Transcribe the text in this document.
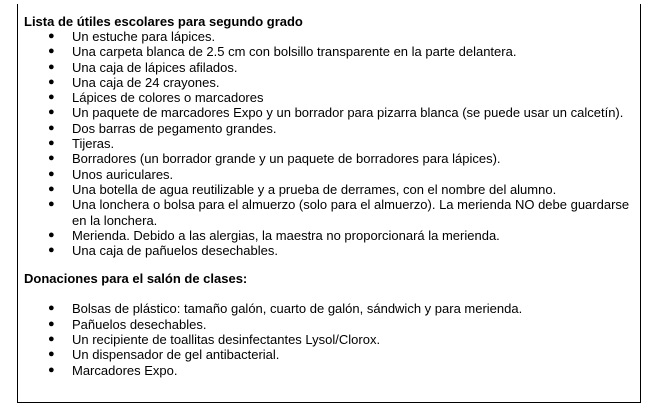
Lista de útiles escolares para segundo grado

● Un estuche para lápices.
● Una carpeta blanca de 2.5 cm con bolsillo transparente en la parte delantera.
● Una caja de lápices afilados.
● Una caja de 24 crayones.
● Lápices de colores o marcadores
● Un paquete de marcadores Expo y un borrador para pizarra blanca (se puede usar un calcetín).
● Dos barras de pegamento grandes.
● Tijeras.
● Borradores (un borrador grande y un paquete de borradores para lápices).
● Unos auriculares.
● Una botella de agua reutilizable y a prueba de derrames, con el nombre del alumno.
● Una lonchera o bolsa para el almuerzo (solo para el almuerzo). La merienda NO debe guardarse en la lonchera.
● Merienda. Debido a las alergias, la maestra no proporcionará la merienda.
● Una caja de pañuelos desechables.

Donaciones para el salón de clases:

● Bolsas de plástico: tamaño galón, cuarto de galón, sándwich y para merienda.
● Pañuelos desechables.
● Un recipiente de toallitas desinfectantes Lysol/Clorox.
● Un dispensador de gel antibacterial.
● Marcadores Expo.
